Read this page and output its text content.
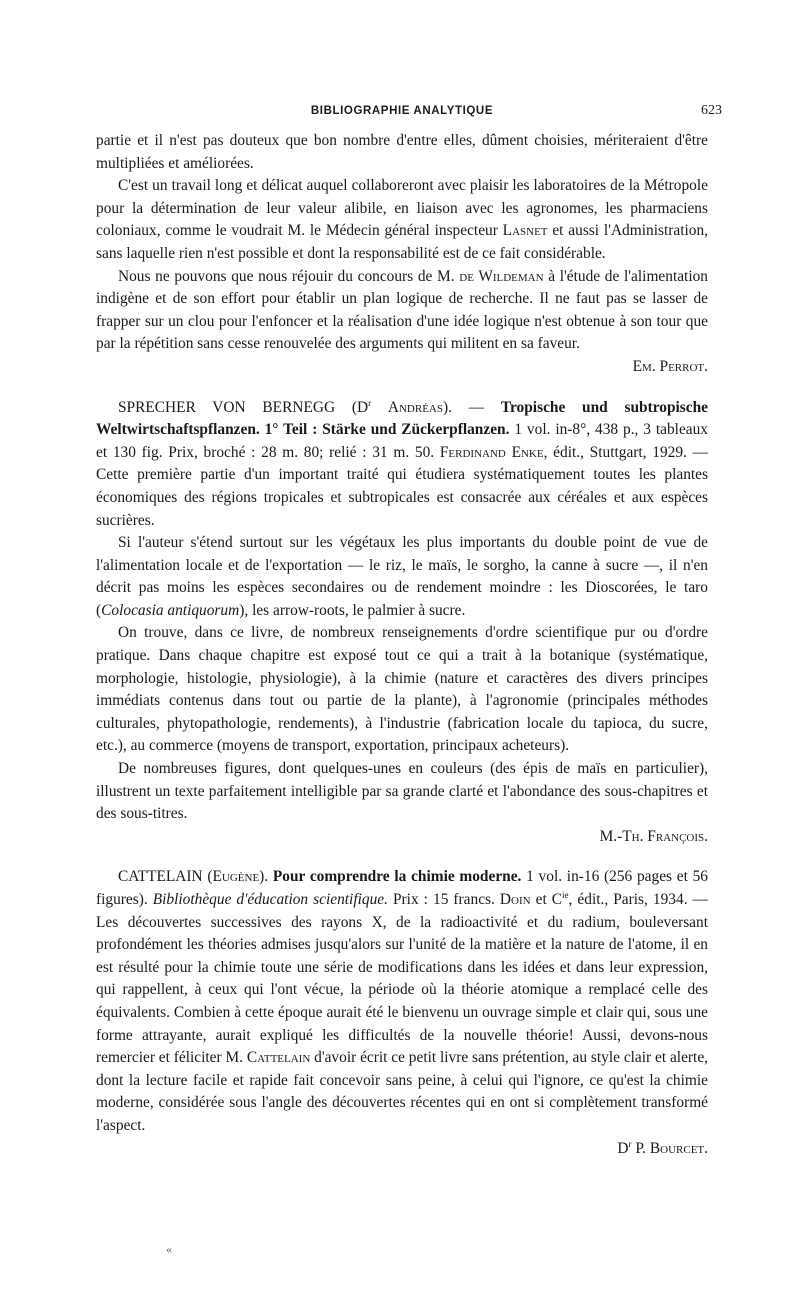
BIBLIOGRAPHIE ANALYTIQUE	623

partie et il n'est pas douteux que bon nombre d'entre elles, dûment choisies, mériteraient d'être multipliées et améliorées.

C'est un travail long et délicat auquel collaboreront avec plaisir les laboratoires de la Métropole pour la détermination de leur valeur alibile, en liaison avec les agronomes, les pharmaciens coloniaux, comme le voudrait M. le Médecin général inspecteur Lasnet et aussi l'Administration, sans laquelle rien n'est possible et dont la responsabilité est de ce fait considérable.

Nous ne pouvons que nous réjouir du concours de M. de Wildeman à l'étude de l'alimentation indigène et de son effort pour établir un plan logique de recherche. Il ne faut pas se lasser de frapper sur un clou pour l'enfoncer et la réalisation d'une idée logique n'est obtenue à son tour que par la répétition sans cesse renouvelée des arguments qui militent en sa faveur.

Em. Perrot.

SPRECHER VON BERNEGG ($D^r$ Andréas). — Tropische und subtropische Weltwirtschaftspflanzen. 1° Teil : Stärke und Zückerpflanzen. 1 vol. in-8°, 438 p., 3 tableaux et 130 fig. Prix, broché : 28 m. 80; relié : 31 m. 50. Ferdinand Enke, édit., Stuttgart, 1929. — Cette première partie d'un important traité qui étudiera systématiquement toutes les plantes économiques des régions tropicales et subtropicales est consacrée aux céréales et aux espèces sucrières.

Si l'auteur s'étend surtout sur les végétaux les plus importants du double point de vue de l'alimentation locale et de l'exportation — le riz, le maïs, le sorgho, la canne à sucre —, il n'en décrit pas moins les espèces secondaires ou de rendement moindre : les Dioscorées, le taro (Colocasia antiquorum), les arrow-roots, le palmier à sucre.

On trouve, dans ce livre, de nombreux renseignements d'ordre scientifique pur ou d'ordre pratique. Dans chaque chapitre est exposé tout ce qui a trait à la botanique (systématique, morphologie, histologie, physiologie), à la chimie (nature et caractères des divers principes immédiats contenus dans tout ou partie de la plante), à l'agronomie (principales méthodes culturales, phytopathologie, rendements), à l'industrie (fabrication locale du tapioca, du sucre, etc.), au commerce (moyens de transport, exportation, principaux acheteurs).

De nombreuses figures, dont quelques-unes en couleurs (des épis de maïs en particulier), illustrent un texte parfaitement intelligible par sa grande clarté et l'abondance des sous-chapitres et des sous-titres.

M.-Th. François.

CATTELAIN (Eugène). Pour comprendre la chimie moderne. 1 vol. in-16 (256 pages et 56 figures). Bibliothèque d'éducation scientifique. Prix : 15 francs. Doin et $C^{ie}$, édit., Paris, 1934. — Les découvertes successives des rayons X, de la radioactivité et du radium, bouleversant profondément les théories admises jusqu'alors sur l'unité de la matière et la nature de l'atome, il en est résulté pour la chimie toute une série de modifications dans les idées et dans leur expression, qui rappellent, à ceux qui l'ont vécue, la période où la théorie atomique a remplacé celle des équivalents. Combien à cette époque aurait été le bienvenu un ouvrage simple et clair qui, sous une forme attrayante, aurait expliqué les difficultés de la nouvelle théorie! Aussi, devons-nous remercier et féliciter M. Cattelain d'avoir écrit ce petit livre sans prétention, au style clair et alerte, dont la lecture facile et rapide fait concevoir sans peine, à celui qui l'ignore, ce qu'est la chimie moderne, considérée sous l'angle des découvertes récentes qui en ont si complètement transformé l'aspect.

$D^r$ P. Bourcet.
«
